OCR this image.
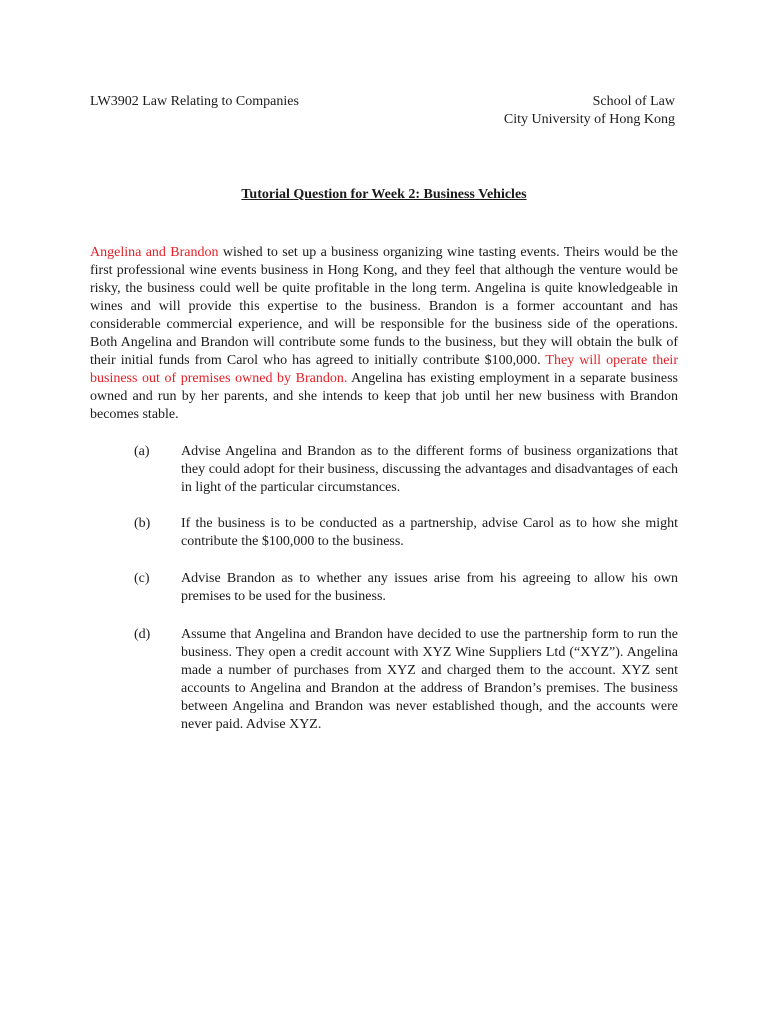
LW3902 Law Relating to Companies	School of Law
City University of Hong Kong
Tutorial Question for Week 2: Business Vehicles

Angelina and Brandon wished to set up a business organizing wine tasting events. Theirs would be the first professional wine events business in Hong Kong, and they feel that although the venture would be risky, the business could well be quite profitable in the long term. Angelina is quite knowledgeable in wines and will provide this expertise to the business. Brandon is a former accountant and has considerable commercial experience, and will be responsible for the business side of the operations. Both Angelina and Brandon will contribute some funds to the business, but they will obtain the bulk of their initial funds from Carol who has agreed to initially contribute $100,000. They will operate their business out of premises owned by Brandon. Angelina has existing employment in a separate business owned and run by her parents, and she intends to keep that job until her new business with Brandon becomes stable.

(a) Advise Angelina and Brandon as to the different forms of business organizations that they could adopt for their business, discussing the advantages and disadvantages of each in light of the particular circumstances.
(b) If the business is to be conducted as a partnership, advise Carol as to how she might contribute the $100,000 to the business.
(c) Advise Brandon as to whether any issues arise from his agreeing to allow his own premises to be used for the business.
(d) Assume that Angelina and Brandon have decided to use the partnership form to run the business. They open a credit account with XYZ Wine Suppliers Ltd (“XYZ”). Angelina made a number of purchases from XYZ and charged them to the account. XYZ sent accounts to Angelina and Brandon at the address of Brandon’s premises. The business between Angelina and Brandon was never established though, and the accounts were never paid. Advise XYZ.
